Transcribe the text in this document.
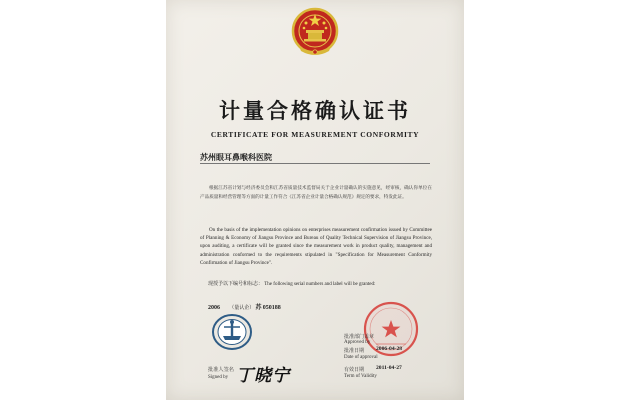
计量合格确认证书
CERTIFICATE FOR MEASUREMENT CONFORMITY
苏州眼耳鼻喉科医院
根据江苏省计划与经济委员会和江苏省质量技术监督局关于企业计量确认的实施意见，经审核，确认你单位在产品质量和经营管理等方面的计量工作符合《江苏省企业计量合格确认规范》规定的要求，特发此证。
On the basis of the implementation opinions on enterprises measurement confirmation issued by Committee of Planning & Economy of Jiangsu Province and Bureau of Quality Technical Supervision of Jiangsu Province, upon auditing, a certificate will be granted since the measurement work in product quality, management and administration conformed to the requirements stipulated in "Specification for Measurement Conformity Confirmation of Jiangsu Province".
现授予以下编号和标志： The following serial numbers and label will be granted:
2006 （量认企） 苏 050188
批准人签名
Signed by 丁晓宁
批准部门盖章
Approved by
批准日期 2006-04-28
Date of approval
有效日期 2011-04-27
Term of Validity
